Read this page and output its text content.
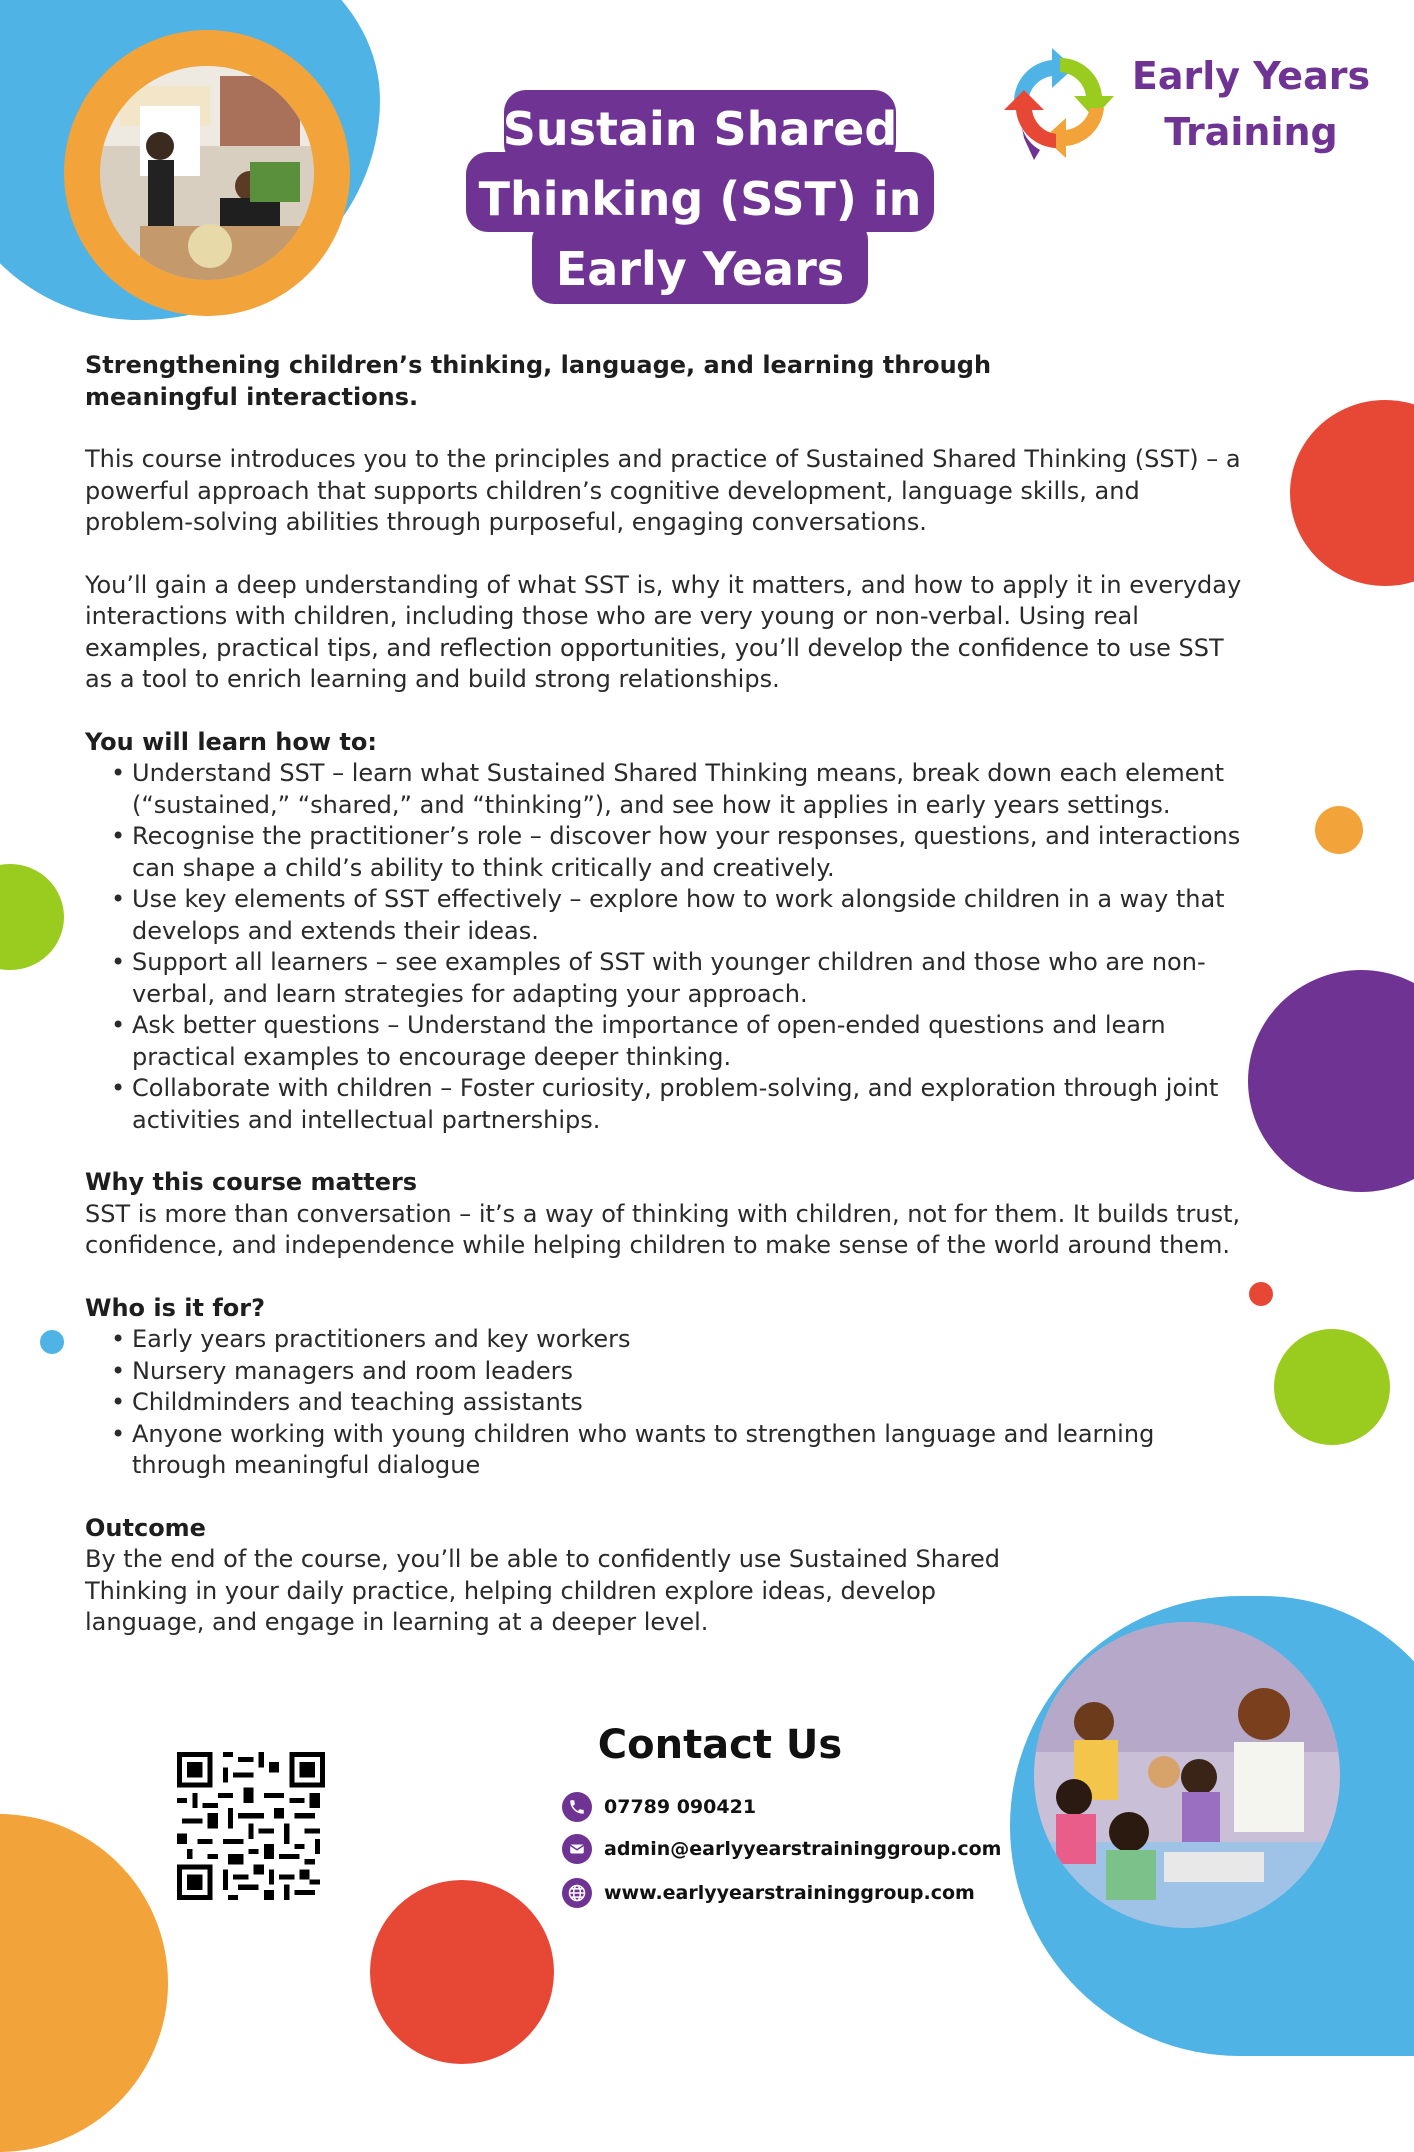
Sustain Shared
Thinking (SST) in
Early Years
Early Years
Training

Strengthening children’s thinking, language, and learning through meaningful interactions.

This course introduces you to the principles and practice of Sustained Shared Thinking (SST) – a powerful approach that supports children’s cognitive development, language skills, and problem-solving abilities through purposeful, engaging conversations.

You’ll gain a deep understanding of what SST is, why it matters, and how to apply it in everyday interactions with children, including those who are very young or non-verbal. Using real examples, practical tips, and reflection opportunities, you’ll develop the confidence to use SST as a tool to enrich learning and build strong relationships.

You will learn how to:

• Understand SST – learn what Sustained Shared Thinking means, break down each element (“sustained,” “shared,” and “thinking”), and see how it applies in early years settings.
• Recognise the practitioner’s role – discover how your responses, questions, and interactions can shape a child’s ability to think critically and creatively.
• Use key elements of SST effectively – explore how to work alongside children in a way that develops and extends their ideas.
• Support all learners – see examples of SST with younger children and those who are non-verbal, and learn strategies for adapting your approach.
• Ask better questions – Understand the importance of open-ended questions and learn practical examples to encourage deeper thinking.
• Collaborate with children – Foster curiosity, problem-solving, and exploration through joint activities and intellectual partnerships.

Why this course matters

SST is more than conversation – it’s a way of thinking with children, not for them. It builds trust, confidence, and independence while helping children to make sense of the world around them.

Who is it for?

• Early years practitioners and key workers
• Nursery managers and room leaders
• Childminders and teaching assistants
• Anyone working with young children who wants to strengthen language and learning through meaningful dialogue

Outcome

By the end of the course, you’ll be able to confidently use Sustained Shared Thinking in your daily practice, helping children explore ideas, develop language, and engage in learning at a deeper level.

Contact Us
07789 090421
admin@earlyyearstraininggroup.com
www.earlyyearstraininggroup.com
